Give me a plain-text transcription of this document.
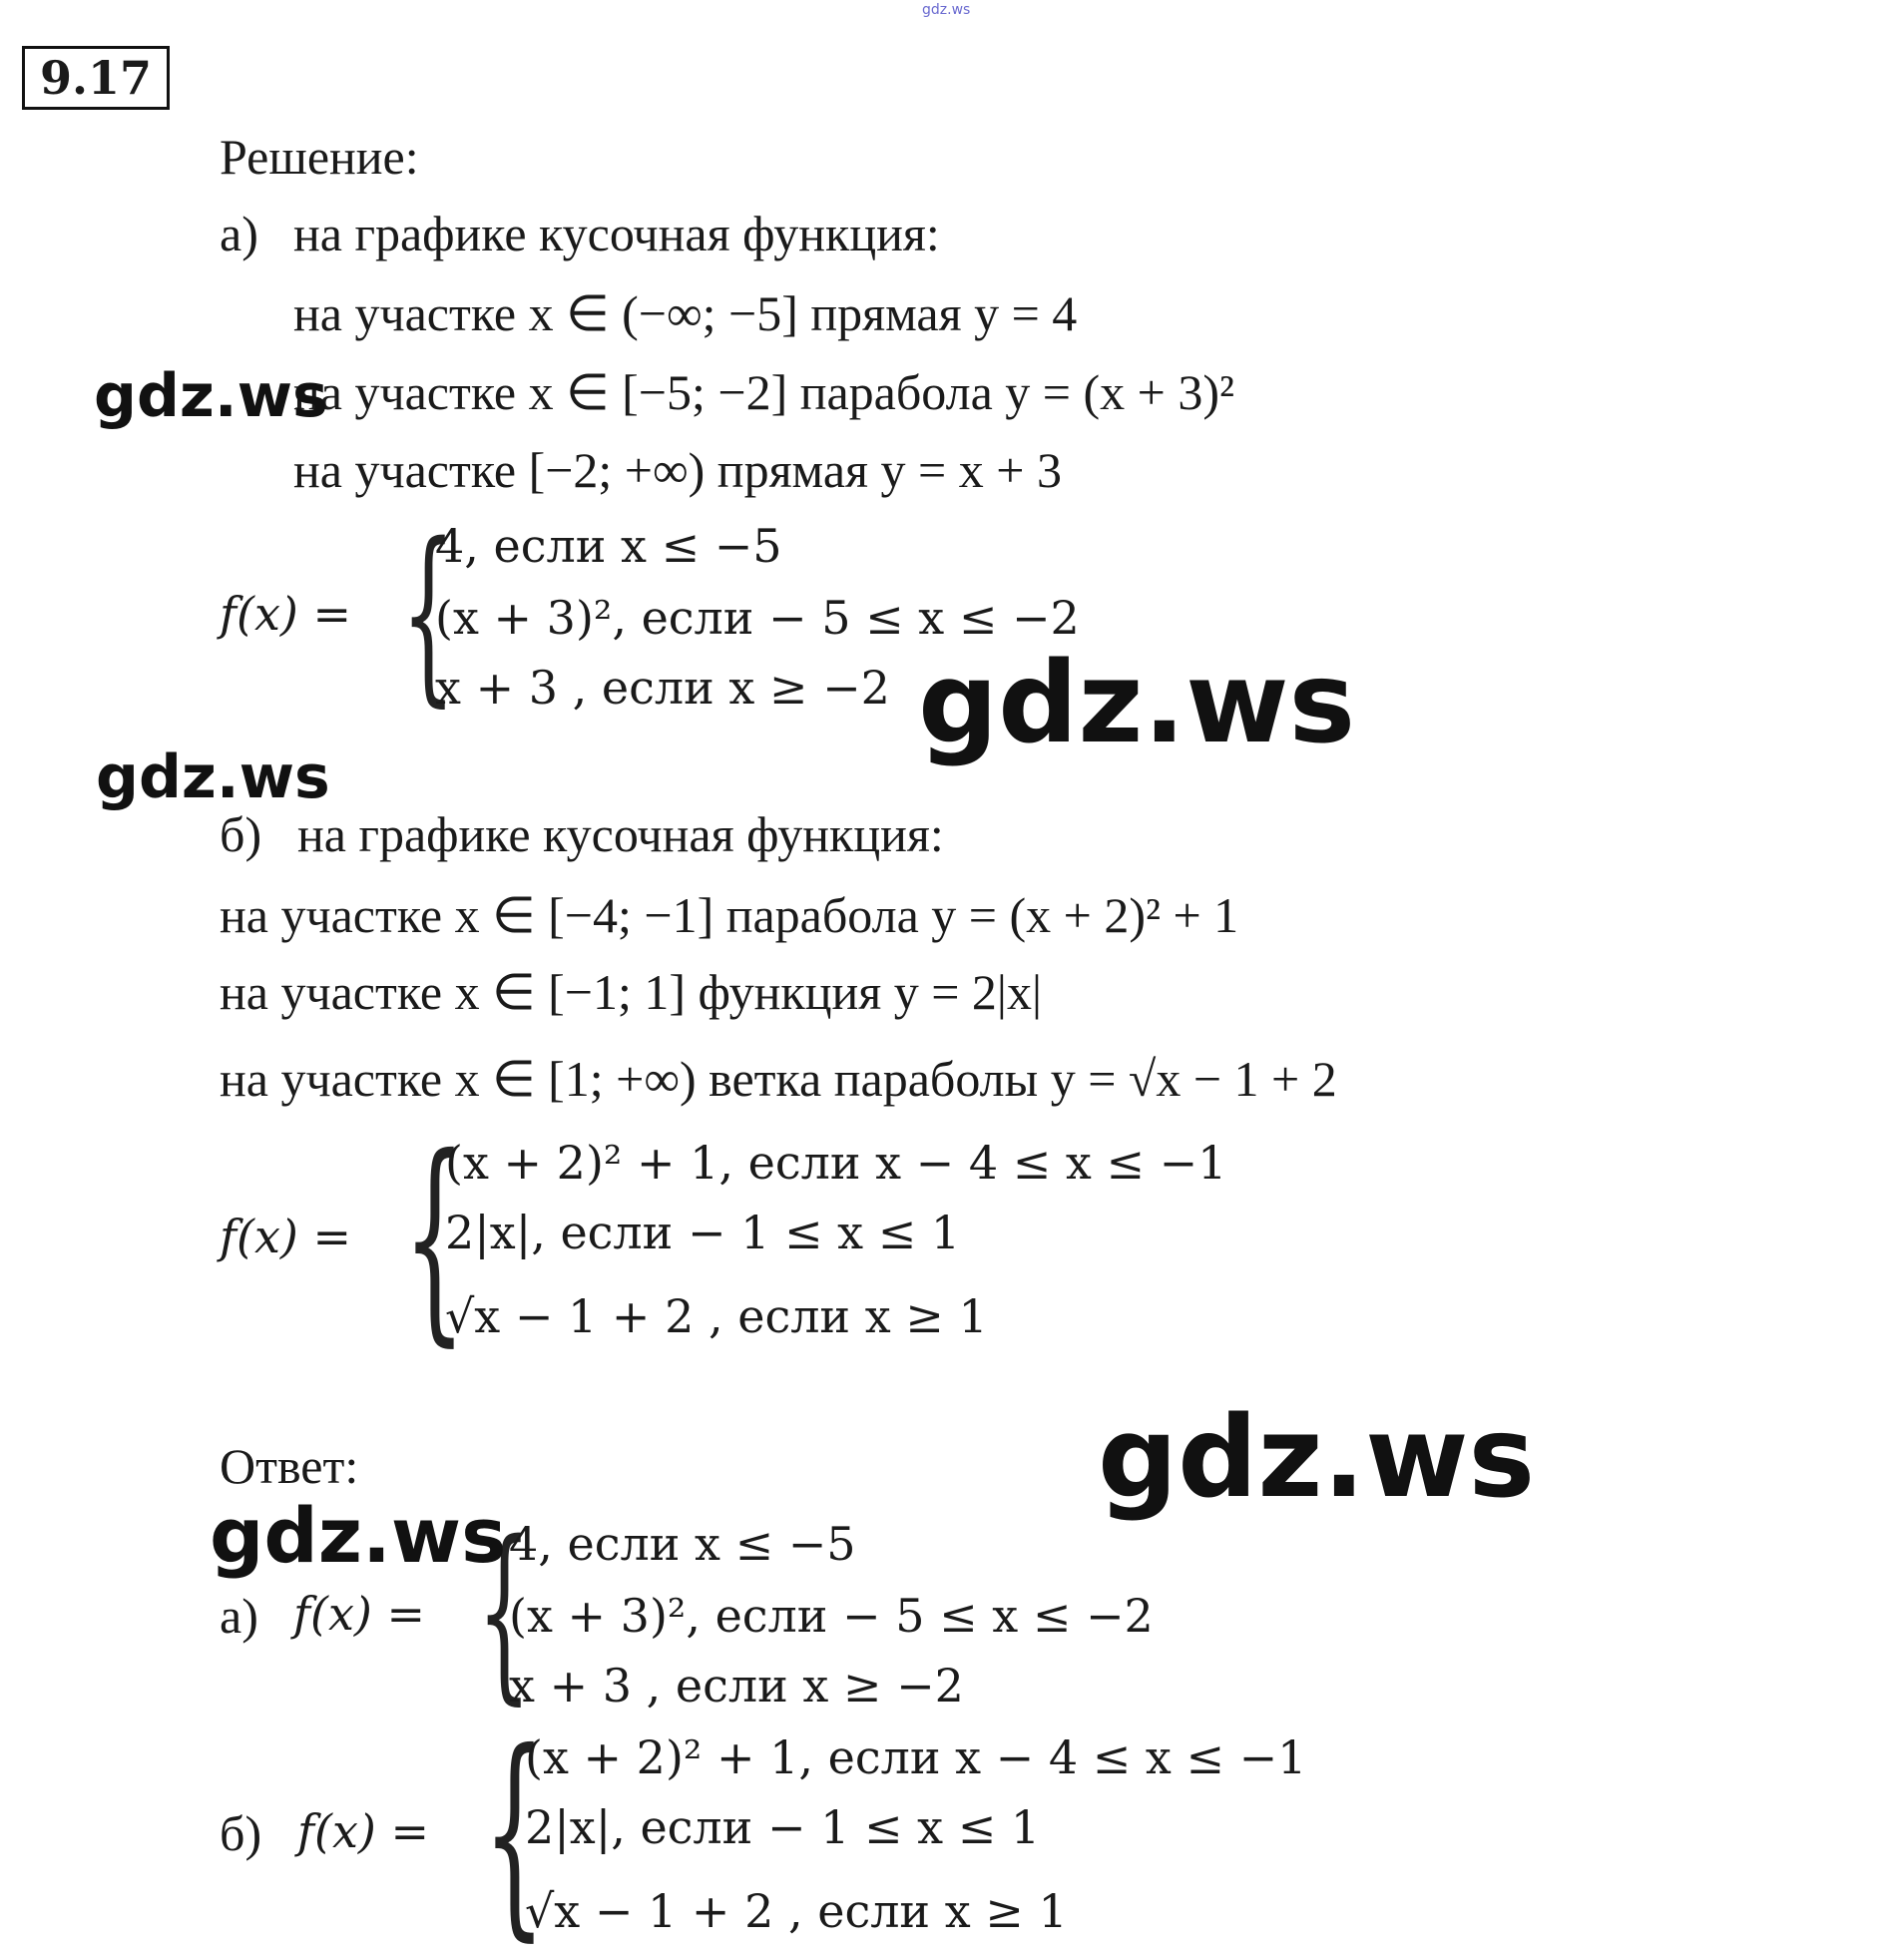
gdz.ws
9.17
Решение:
а) на графике кусочная функция:
на участке x ∈ (−∞; −5] прямая y = 4
на участке x ∈ [−5; −2] парабола y = (x + 3)²
на участке [−2; +∞) прямая y = x + 3
f(x) = {
4, если x ≤ −5
(x + 3)², если − 5 ≤ x ≤ −2
x + 3 , если x ≥ −2
б) на графике кусочная функция:
на участке x ∈ [−4; −1] парабола y = (x + 2)² + 1
на участке x ∈ [−1; 1] функция y = 2|x|
на участке x ∈ [1; +∞) ветка параболы y = √x − 1 + 2
f(x) = {
(x + 2)² + 1, если x − 4 ≤ x ≤ −1
2|x|, если − 1 ≤ x ≤ 1
√x − 1 + 2 , если x ≥ 1
Ответ:
а) f(x) = {
4, если x ≤ −5
(x + 3)², если − 5 ≤ x ≤ −2
x + 3 , если x ≥ −2
б) f(x) = {
(x + 2)² + 1, если x − 4 ≤ x ≤ −1
2|x|, если − 1 ≤ x ≤ 1
√x − 1 + 2 , если x ≥ 1
gdz.ws
gdz.ws
gdz.ws
gdz.ws
gdz.ws
